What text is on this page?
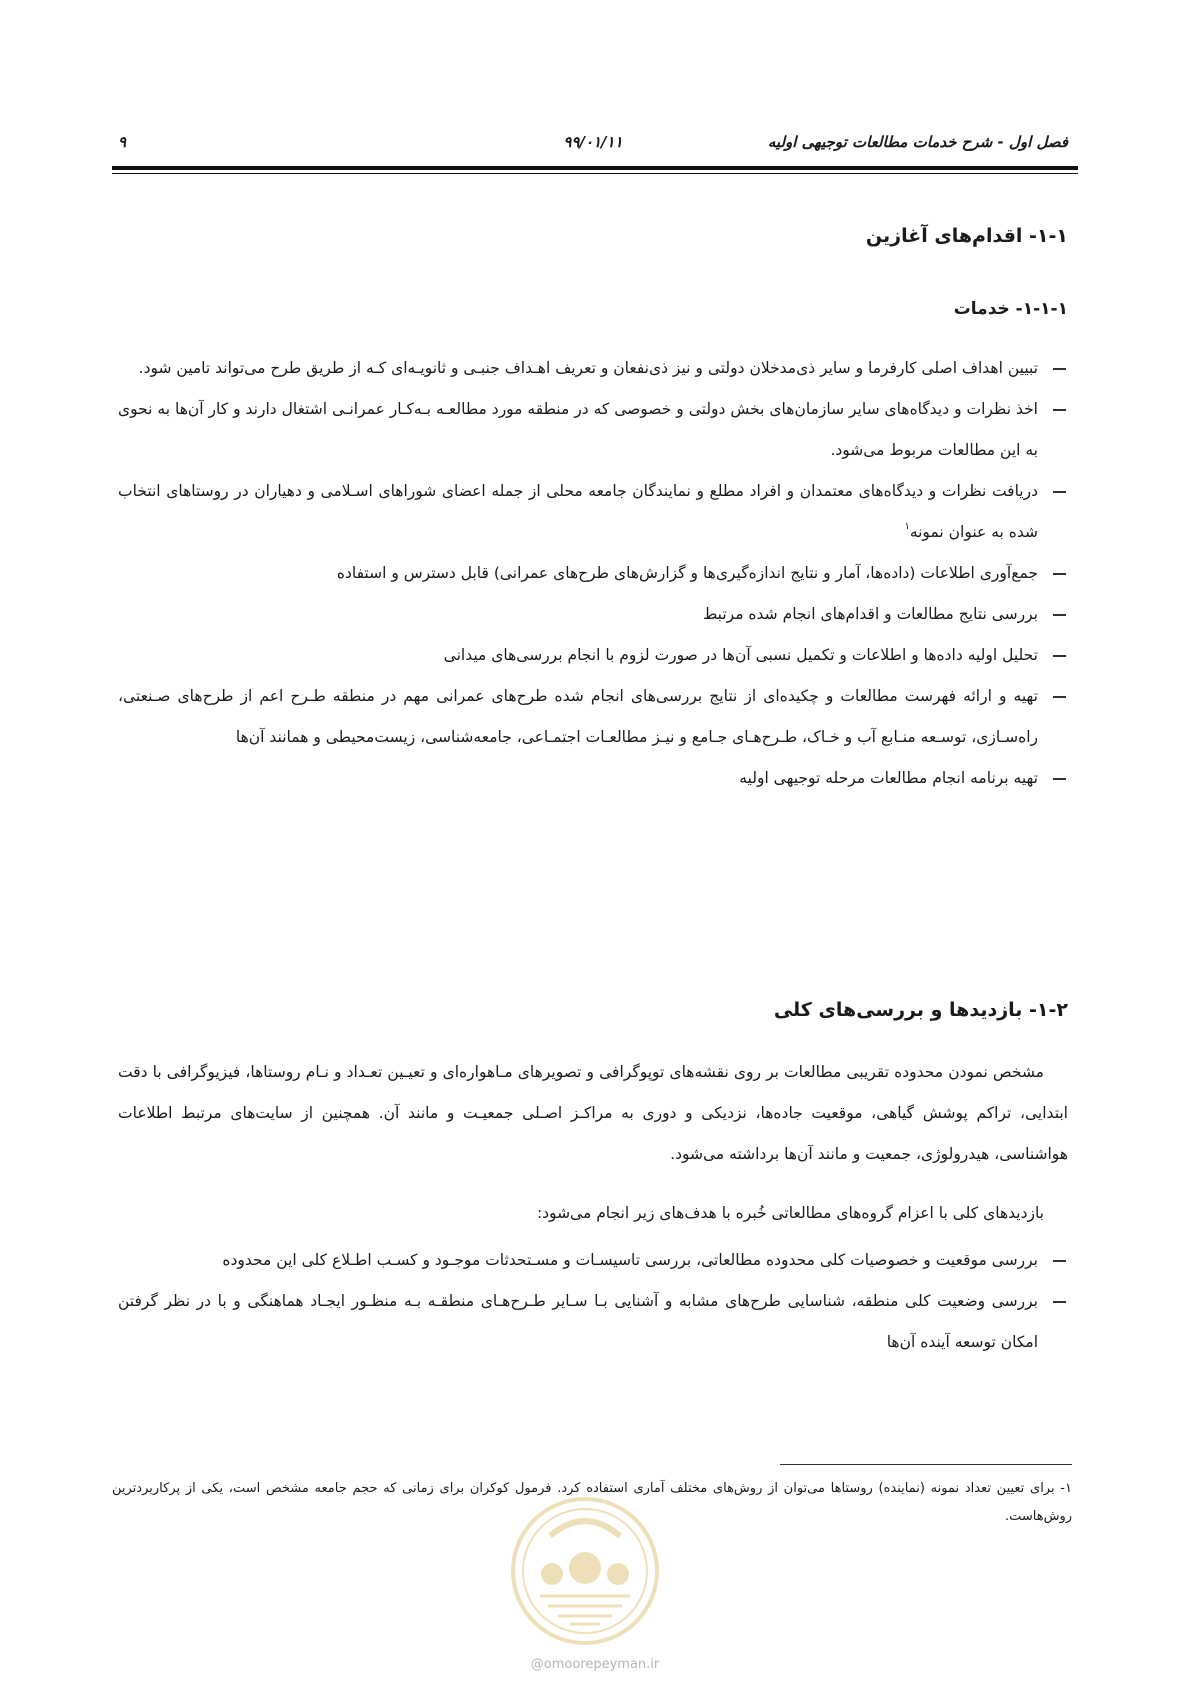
فصل اول - شرح خدمات مطالعات توجیهی اولیه
۹۹/۰۱/۱۱
۹
۱-۱- اقدام‌های آغازین
۱-۱-۱- خدمات
تبیین اهداف اصلی کارفرما و سایر ذی‌مدخلان دولتی و نیز ذی‌نفعان و تعریف اهـداف جنبـی و ثانویـه‌ای کـه از طریق طرح می‌تواند تامین شود.
اخذ نظرات و دیدگاه‌های سایر سازمان‌های بخش دولتی و خصوصی که در منطقه مورد مطالعـه بـه‌کـار عمرانـی اشتغال دارند و کار آن‌ها به نحوی به این مطالعات مربوط می‌شود.
دریافت نظرات و دیدگاه‌های معتمدان و افراد مطلع و نمایندگان جامعه محلی از جمله اعضای شوراهای اسـلامی و دهیاران در روستاهای انتخاب شده به عنوان نمونه$^۱$
جمع‌آوری اطلاعات (داده‌ها، آمار و نتایج اندازه‌گیری‌ها و گزارش‌های طرح‌های عمرانی) قابل دسترس و استفاده
بررسی نتایج مطالعات و اقدام‌های انجام شده مرتبط
تحلیل اولیه داده‌ها و اطلاعات و تکمیل نسبی آن‌ها در صورت لزوم با انجام بررسی‌های میدانی
تهیه و ارائه فهرست مطالعات و چکیده‌ای از نتایج بررسی‌های انجام شده طرح‌های عمرانی مهم در منطقه طـرح اعم از طرح‌های صـنعتی، راه‌سـازی، توسـعه منـابع آب و خـاک، طـرح‌هـای جـامع و نیـز مطالعـات اجتمـاعی، جامعه‌شناسی، زیست‌محیطی و همانند آن‌ها
تهیه برنامه انجام مطالعات مرحله توجیهی اولیه
۱-۲- بازدیدها و بررسی‌های کلی

مشخص نمودن محدوده تقریبی مطالعات بر روی نقشه‌های توپوگرافی و تصویرهای مـاهواره‌ای و تعیـین تعـداد و نـام روستاها، فیزیوگرافی با دقت ابتدایی، تراکم پوشش گیاهی، موقعیت جاده‌ها، نزدیکی و دوری به مراکـز اصـلی جمعیـت و مانند آن. همچنین از سایت‌های مرتبط اطلاعات هواشناسی، هیدرولوژی، جمعیت و مانند آن‌ها برداشته می‌شود.

بازدیدهای کلی با اعزام گروه‌های مطالعاتی خُبره با هدف‌های زیر انجام می‌شود:

بررسی موقعیت و خصوصیات کلی محدوده مطالعاتی، بررسی تاسیسـات و مسـتحدثات موجـود و کسـب اطـلاع کلی این محدوده
بررسی وضعیت کلی منطقه، شناسایی طرح‌های مشابه و آشنایی بـا سـایر طـرح‌هـای منطقـه بـه منظـور ایجـاد هماهنگی و با در نظر گرفتن امکان توسعه آینده آن‌ها

۱- برای تعیین تعداد نمونه (نماینده) روستاها می‌توان از روش‌های مختلف آماری استفاده کرد. فرمول کوکران برای زمانی که حجم جامعه مشخص است، یکی از پرکاربردترین روش‌هاست.

@omoorepeyman.ir
